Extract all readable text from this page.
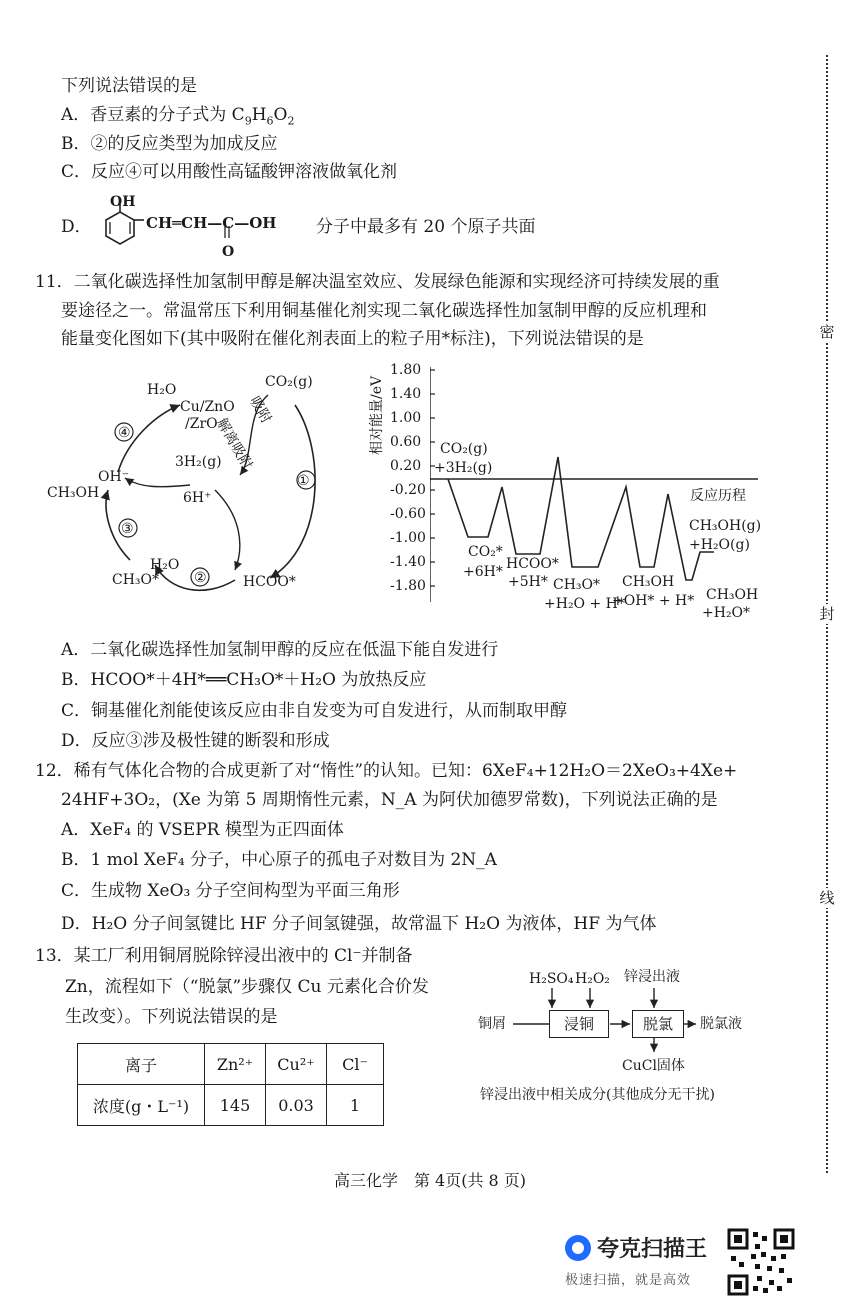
密
封
线
下列说法错误的是
A．香豆素的分子式为 $C_9H_6O_2$
B．②的反应类型为加成反应
C．反应④可以用酸性高锰酸钾溶液做氧化剂
D．
OH
CH═CH—C—OH
O
分子中最多有 20 个原子共面
11．二氧化碳选择性加氢制甲醇是解决温室效应、发展绿色能源和实现经济可持续发展的重
要途径之一。常温常压下利用铜基催化剂实现二氧化碳选择性加氢制甲醇的反应机理和
能量变化图如下(其中吸附在催化剂表面上的粒子用*标注)，下列说法错误的是
H₂O
Cu/ZnO
/ZrO
CO₂(g)
吸附
解离吸附
3H₂(g)
6H⁺
OH⁻
CH₃OH
H₂O
CH₃O*	HCOO*
①
②
③
④	相对能量/eV
反应历程
1.80
1.40
1.00
0.60
0.20
-0.20
-0.60
-1.00
-1.40
-1.80
CO₂(g)
+3H₂(g)
CO₂*
+6H* HCOO*
+5H* CH₃O*
+H₂O + H*
CH₃OH
+OH* + H* CH₃OH
+H₂O*
CH₃OH(g)
+H₂O(g)
A．二氧化碳选择性加氢制甲醇的反应在低温下能自发进行
B．HCOO*＋4H*══CH₃O*＋H₂O 为放热反应
C．铜基催化剂能使该反应由非自发变为可自发进行，从而制取甲醇
D．反应③涉及极性键的断裂和形成
12．稀有气体化合物的合成更新了对“惰性”的认知。已知：6XeF₄+12H₂O＝2XeO₃+4Xe+
24HF+3O₂，(Xe 为第 5 周期惰性元素，N_A 为阿伏加德罗常数)，下列说法正确的是
A．XeF₄ 的 VSEPR 模型为正四面体
B．1 mol XeF₄ 分子，中心原子的孤电子对数目为 2N_A
C．生成物 XeO₃ 分子空间构型为平面三角形
D．H₂O 分子间氢键比 HF 分子间氢键强，故常温下 H₂O 为液体，HF 为气体
13．某工厂利用铜屑脱除锌浸出液中的 Cl⁻并制备
Zn，流程如下（“脱氯”步骤仅 Cu 元素化合价发
生改变）。下列说法错误的是
离子	Zn²⁺	Cu²⁺	Cl⁻
浓度(g・L⁻¹)	145	0.03	1
H₂SO₄ H₂O₂ 锌浸出液
铜屑	浸铜	脱氯	脱氯液
CuCl固体
锌浸出液中相关成分(其他成分无干扰)
高三化学　第 4页(共 8 页)
夸克扫描王
极速扫描，就是高效
